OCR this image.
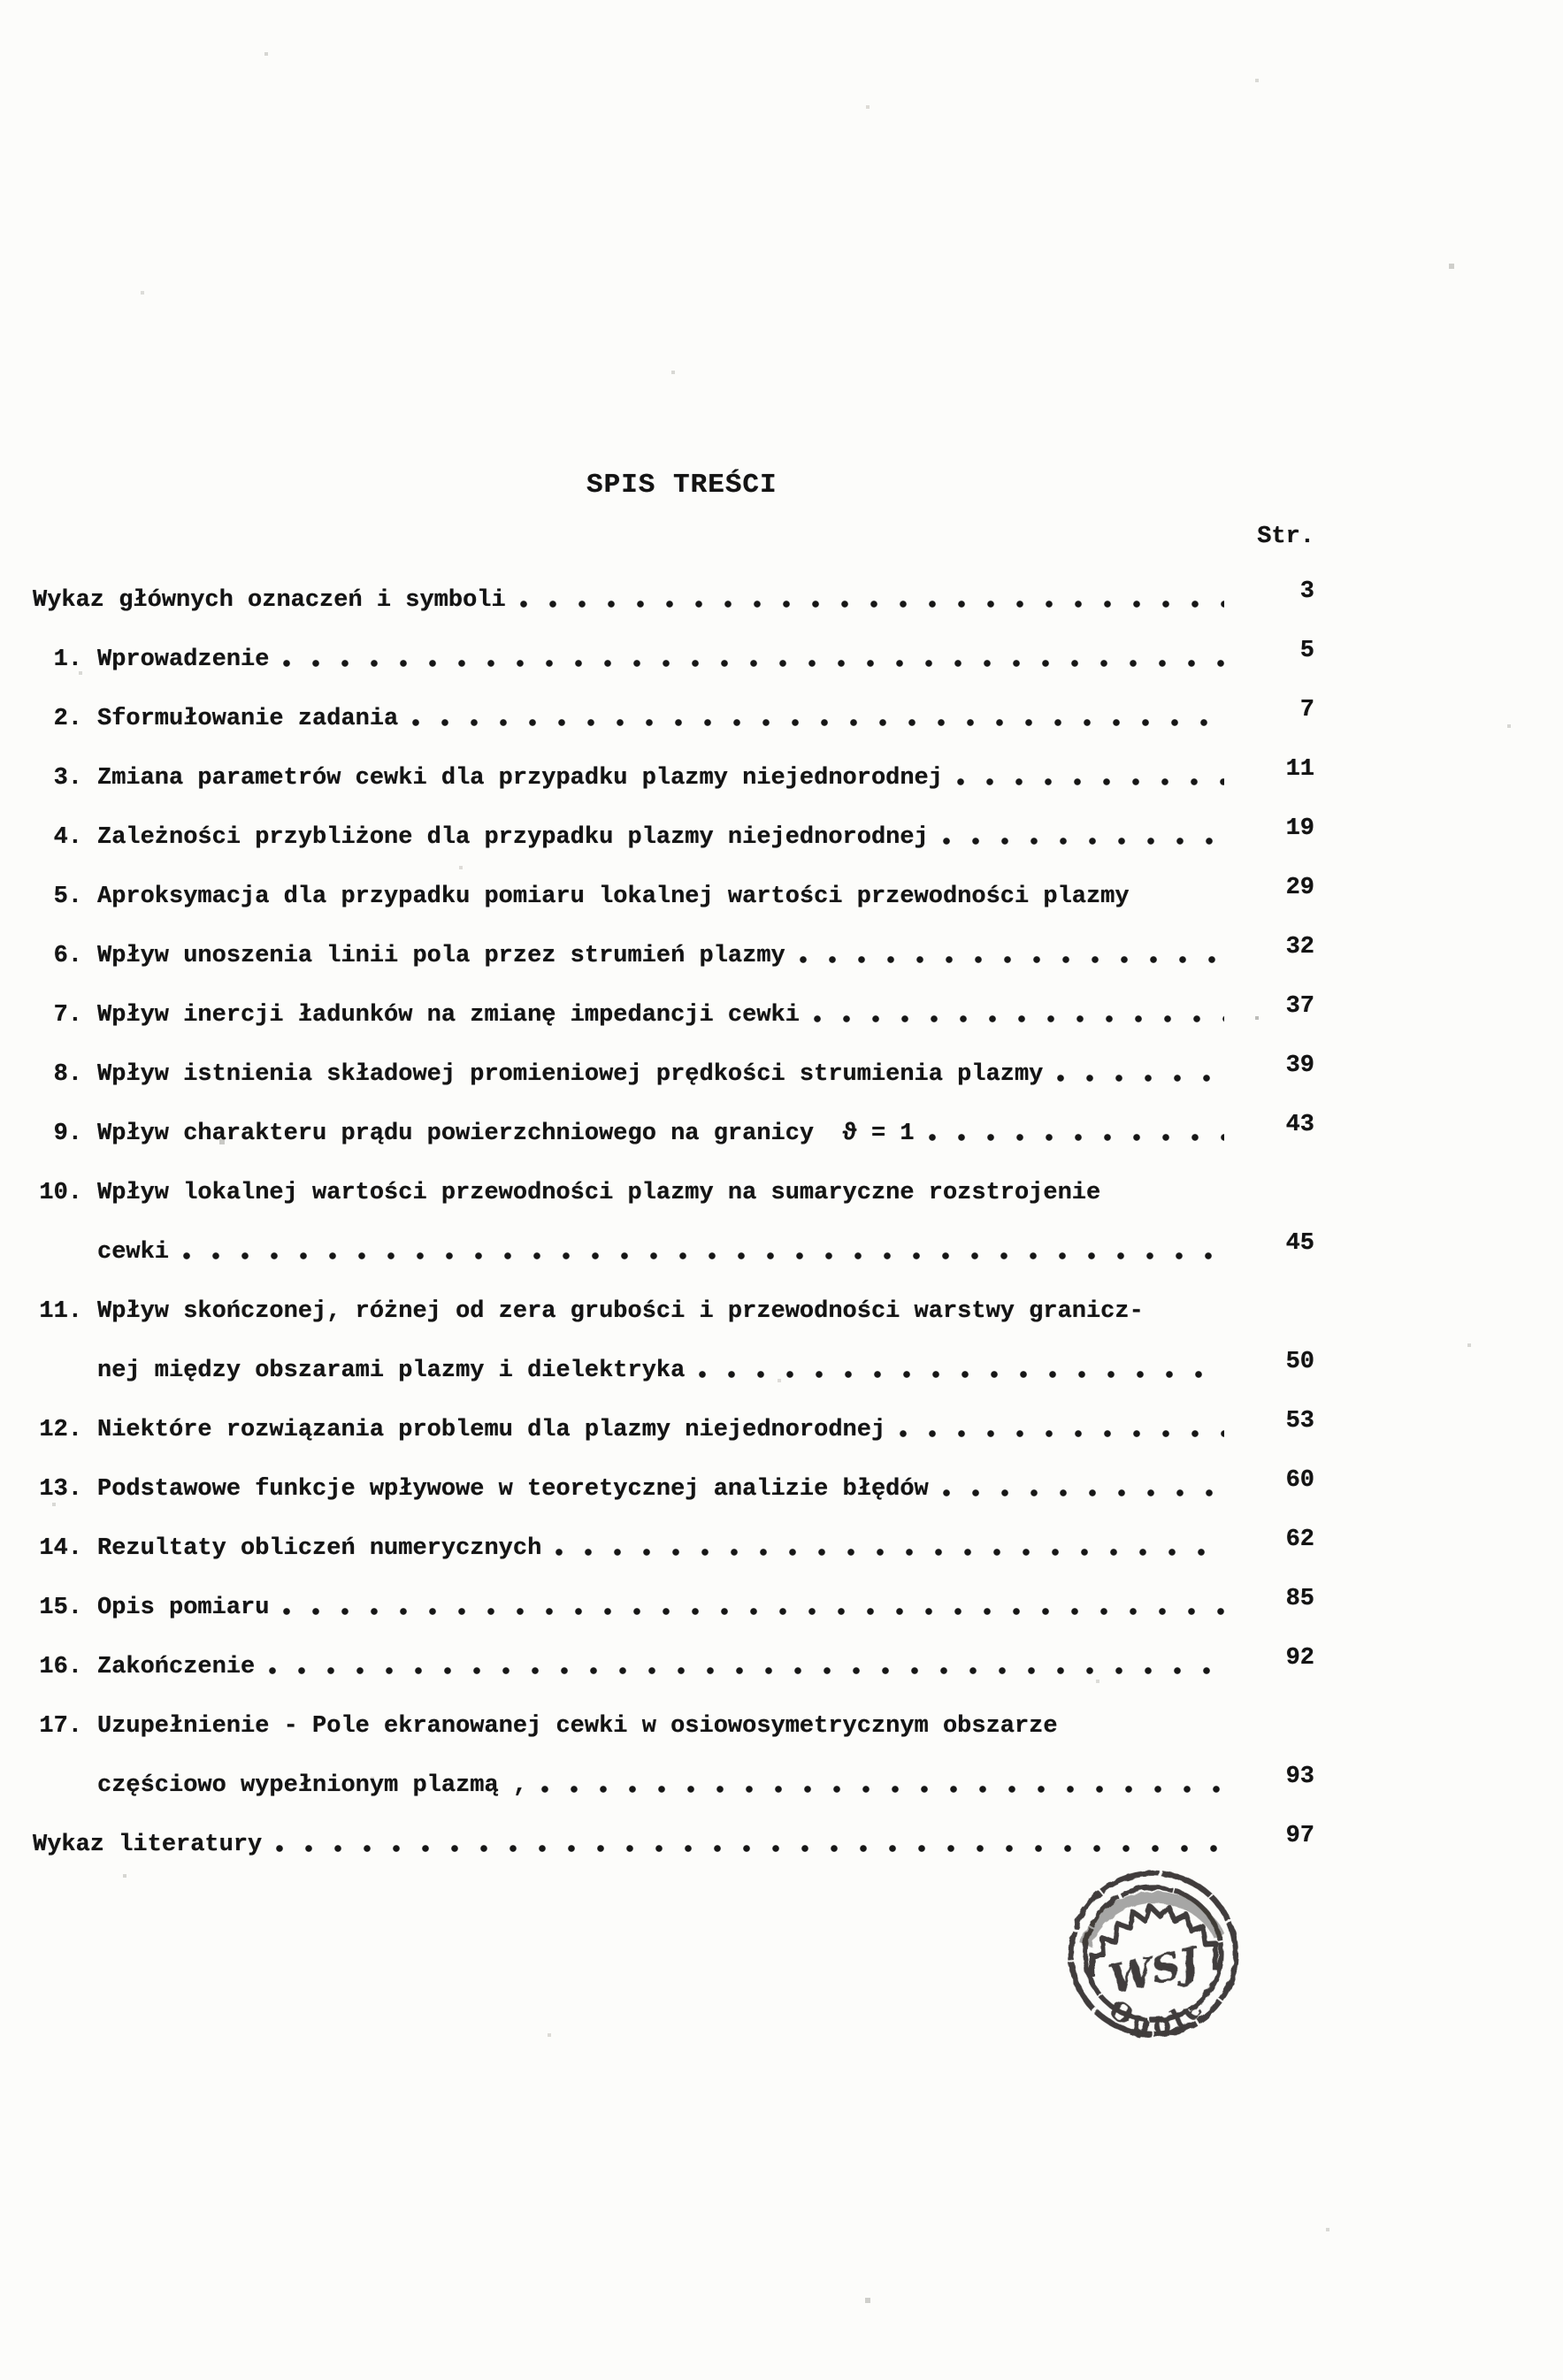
SPIS TREŚCI
Str.
Wykaz głównych oznaczeń i symboli	3
1. Wprowadzenie	5
2. Sformułowanie zadania	7
3. Zmiana parametrów cewki dla przypadku plazmy niejednorodnej	11
4. Zależności przybliżone dla przypadku plazmy niejednorodnej	19
5. Aproksymacja dla przypadku pomiaru lokalnej wartości przewodności plazmy	29
6. Wpływ unoszenia linii pola przez strumień plazmy	32
7. Wpływ inercji ładunków na zmianę impedancji cewki	37
8. Wpływ istnienia składowej promieniowej prędkości strumienia plazmy	39
9. Wpływ charakteru prądu powierzchniowego na granicy  ϑ = 1	43
10. Wpływ lokalnej wartości przewodności plazmy na sumaryczne rozstrojenie
cewki	45
11. Wpływ skończonej, różnej od zera grubości i przewodności warstwy granicz-
nej między obszarami plazmy i dielektryka	50
12. Niektóre rozwiązania problemu dla plazmy niejednorodnej	53
13. Podstawowe funkcje wpływowe w teoretycznej analizie błędów	60
14. Rezultaty obliczeń numerycznych	62
15. Opis pomiaru	85
16. Zakończenie	92
17. Uzupełnienie - Pole ekranowanej cewki w osiowosymetrycznym obszarze
częściowo wypełnionym plazmą ,	93
Wykaz literatury	97
WSJ
Opole
